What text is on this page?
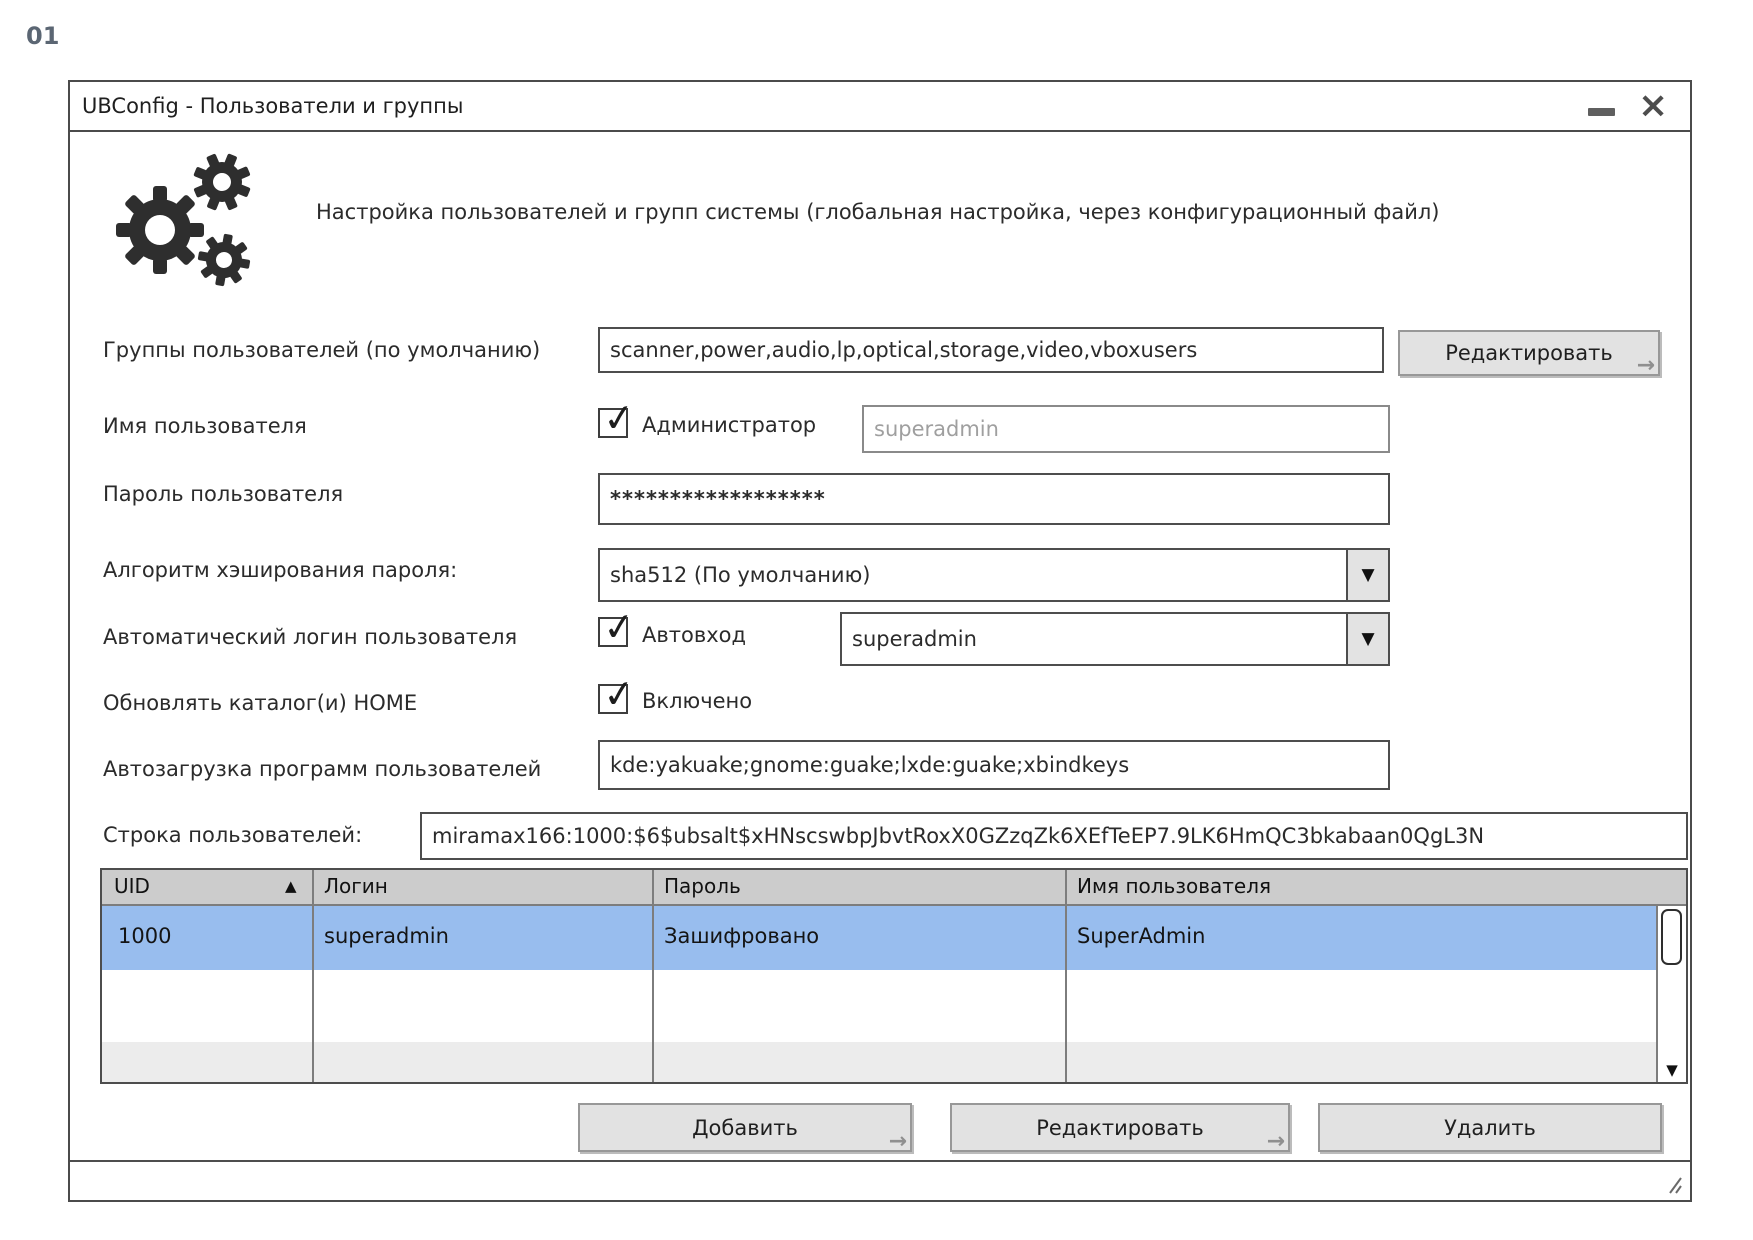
01
UBConfig - Пользователи и группы	×
Настройка пользователей и групп системы (глобальная настройка, через конфигурационный файл)
Группы пользователей (по умолчанию)	scanner,power,audio,lp,optical,storage,video,vboxusers	Редактировать →
Имя пользователя	✓ Администратор	superadmin
Пароль пользователя	******************
Алгоритм хэширования пароля:	sha512 (По умолчанию)	▼
Автоматический логин пользователя ✓ Автовход	superadmin	▼
Обновлять каталог(и) HOME	✓ Включено
Автозагрузка программ пользователей	kde:yakuake;gnome:guake;lxde:guake;xbindkeys
Строка пользователей:	miramax166:1000:$6$ubsalt$xHNscswbpJbvtRoxX0GZzqZk6XEfTeEP7.9LK6HmQC3bkabaan0QgL3N
UID	▲ Логин	Пароль	Имя пользователя
1000	superadmin	Зашифровано	SuperAdmin
▼
Добавить
→
Редактировать
→
Удалить
